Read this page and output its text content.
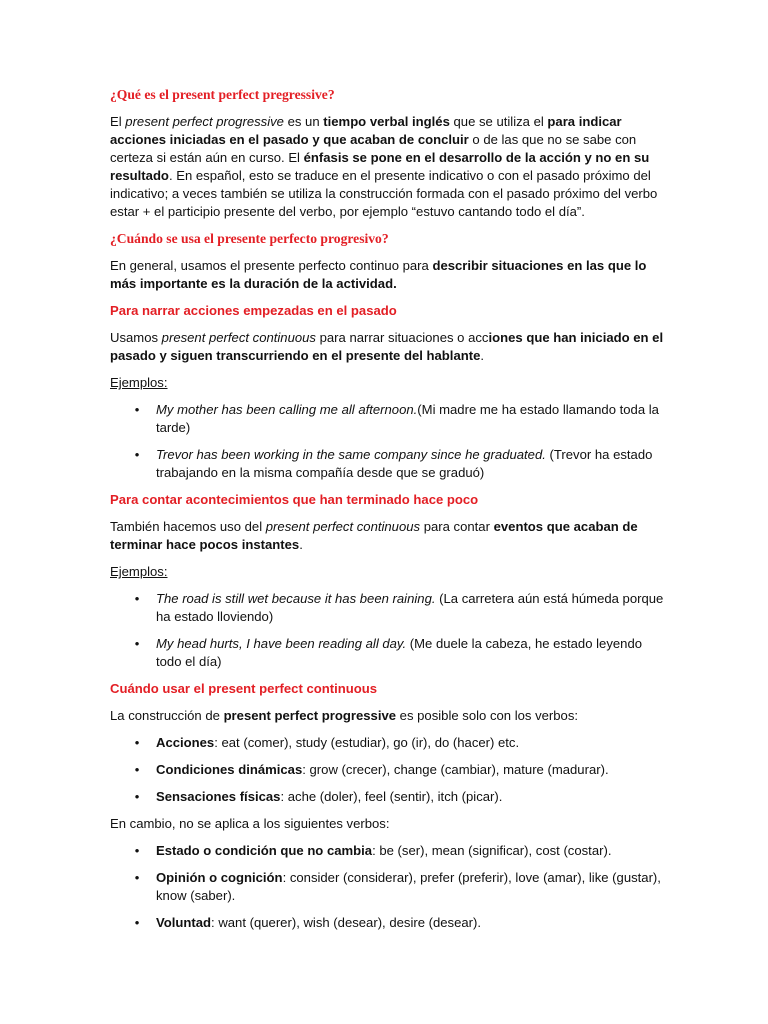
¿Qué es el present perfect pregressive?

El present perfect progressive es un tiempo verbal inglés que se utiliza el para indicar acciones iniciadas en el pasado y que acaban de concluir o de las que no se sabe con certeza si están aún en curso. El énfasis se pone en el desarrollo de la acción y no en su resultado. En español, esto se traduce en el presente indicativo o con el pasado próximo del indicativo; a veces también se utiliza la construcción formada con el pasado próximo del verbo estar + el participio presente del verbo, por ejemplo “estuvo cantando todo el día”.

¿Cuándo se usa el presente perfecto progresivo?

En general, usamos el presente perfecto continuo para describir situaciones en las que lo más importante es la duración de la actividad.

Para narrar acciones empezadas en el pasado

Usamos present perfect continuous para narrar situaciones o acciones que han iniciado en el pasado y siguen transcurriendo en el presente del hablante.

Ejemplos:

• My mother has been calling me all afternoon.(Mi madre me ha estado llamando toda la tarde)
• Trevor has been working in the same company since he graduated. (Trevor ha estado trabajando en la misma compañía desde que se graduó)
Para contar acontecimientos que han terminado hace poco

También hacemos uso del present perfect continuous para contar eventos que acaban de terminar hace pocos instantes.

Ejemplos:

• The road is still wet because it has been raining. (La carretera aún está húmeda porque ha estado lloviendo)
• My head hurts, I have been reading all day. (Me duele la cabeza, he estado leyendo todo el día)
Cuándo usar el present perfect continuous

La construcción de present perfect progressive es posible solo con los verbos:

• Acciones: eat (comer), study (estudiar), go (ir), do (hacer) etc.
• Condiciones dinámicas: grow (crecer), change (cambiar), mature (madurar).
• Sensaciones físicas: ache (doler), feel (sentir), itch (picar).

En cambio, no se aplica a los siguientes verbos:

• Estado o condición que no cambia: be (ser), mean (significar), cost (costar).
• Opinión o cognición: consider (considerar), prefer (preferir), love (amar), like (gustar), know (saber).
• Voluntad: want (querer), wish (desear), desire (desear).
